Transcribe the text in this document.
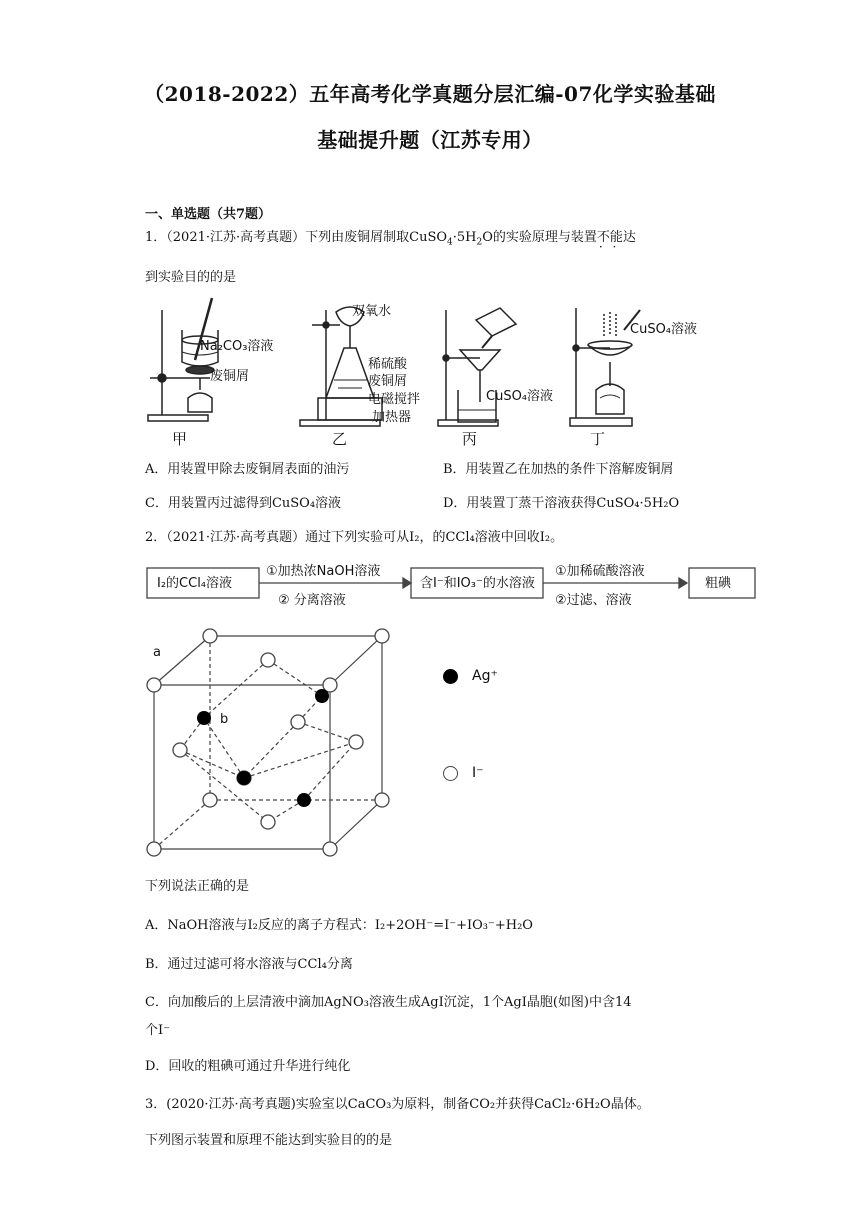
（2018-2022）五年高考化学真题分层汇编-07化学实验基础
基础提升题（江苏专用）
一、单选题（共7题）
1．（2021·江苏·高考真题）下列由废铜屑制取$CuSO_4\cdot 5H_2O$的实验原理与装置不能 · ·达
到实验目的的是
Na₂CO₃溶液
废铜屑
双氧水
稀硫酸
废铜屑
电磁搅拌
加热器
CuSO₄溶液
CuSO₄溶液
甲	乙	丙	丁
A．用装置甲除去废铜屑表面的油污	B．用装置乙在加热的条件下溶解废铜屑
C．用装置丙过滤得到CuSO₄溶液	D．用装置丁蒸干溶液获得CuSO₄·5H₂O
2．（2021·江苏·高考真题）通过下列实验可从I₂，的CCl₄溶液中回收I₂。
I₂的CCl₄溶液
①加热浓NaOH溶液
② 分离溶液
含I⁻和IO₃⁻的水溶液
①加稀硫酸溶液
②过滤、溶液
粗碘
a
b
Ag⁺
I⁻
下列说法正确的是
A．NaOH溶液与I₂反应的离子方程式：I₂+2OH⁻=I⁻+IO₃⁻+H₂O
B．通过过滤可将水溶液与CCl₄分离
C．向加酸后的上层清液中滴加AgNO₃溶液生成AgI沉淀，1个AgI晶胞(如图)中含14
个I⁻
D．回收的粗碘可通过升华进行纯化
3．(2020·江苏·高考真题)实验室以CaCO₃为原料，制备CO₂并获得CaCl₂·6H₂O晶体。
下列图示装置和原理不能达到实验目的的是
